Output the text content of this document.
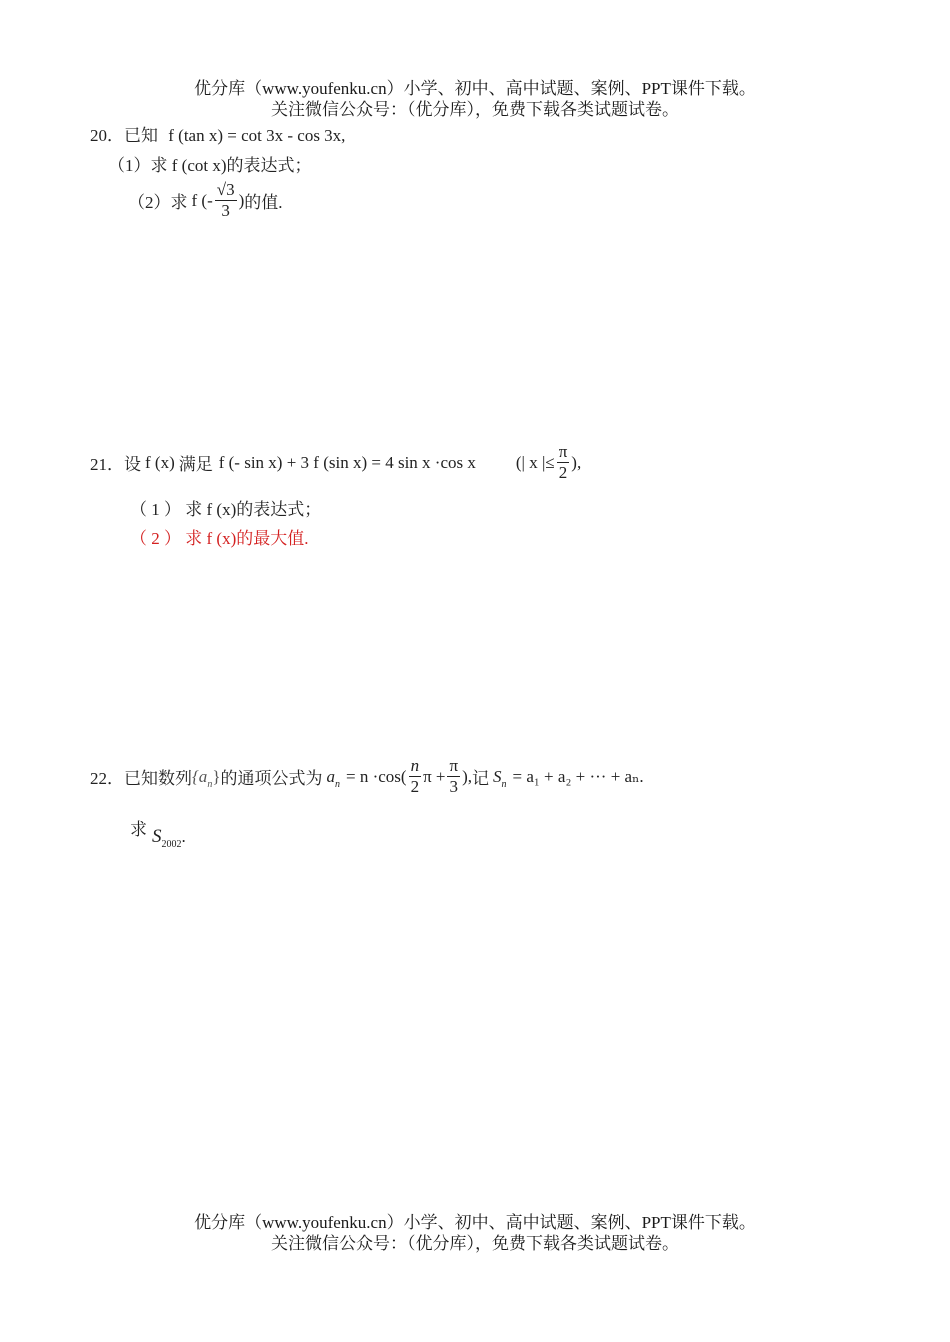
优分库（www.youfenku.cn）小学、初中、高中试题、案例、PPT课件下载。
关注微信公众号：（优分库），免费下载各类试题试卷。
20．已知 f (tan x) = cot 3x - cos 3x,
（1）求 f (cot x)的表达式；
（2）求 f (- $\frac{√3}{3}$ ) 的值.
21． 设 f (x) 满足 f (- sin x) + 3 f (sin x) = 4 sin x ·cos x (| x |≤ $\frac{\pi}{2}$ ),
（ 1 ） 求 f (x)的表达式；
（ 2 ） 求 f (x)的最大值.
22． 已知数列 $\{a_n\}$ 的通项公式为 $a_n = n \cdot\cos( \frac{n}{2}$ $\pi + \frac{\pi}{3}$ ), 记 $S_n = a_1 + a_2$ + ··· + aₙ.
求 $S_{2002}$.
优分库（www.youfenku.cn）小学、初中、高中试题、案例、PPT课件下载。
关注微信公众号：（优分库），免费下载各类试题试卷。
